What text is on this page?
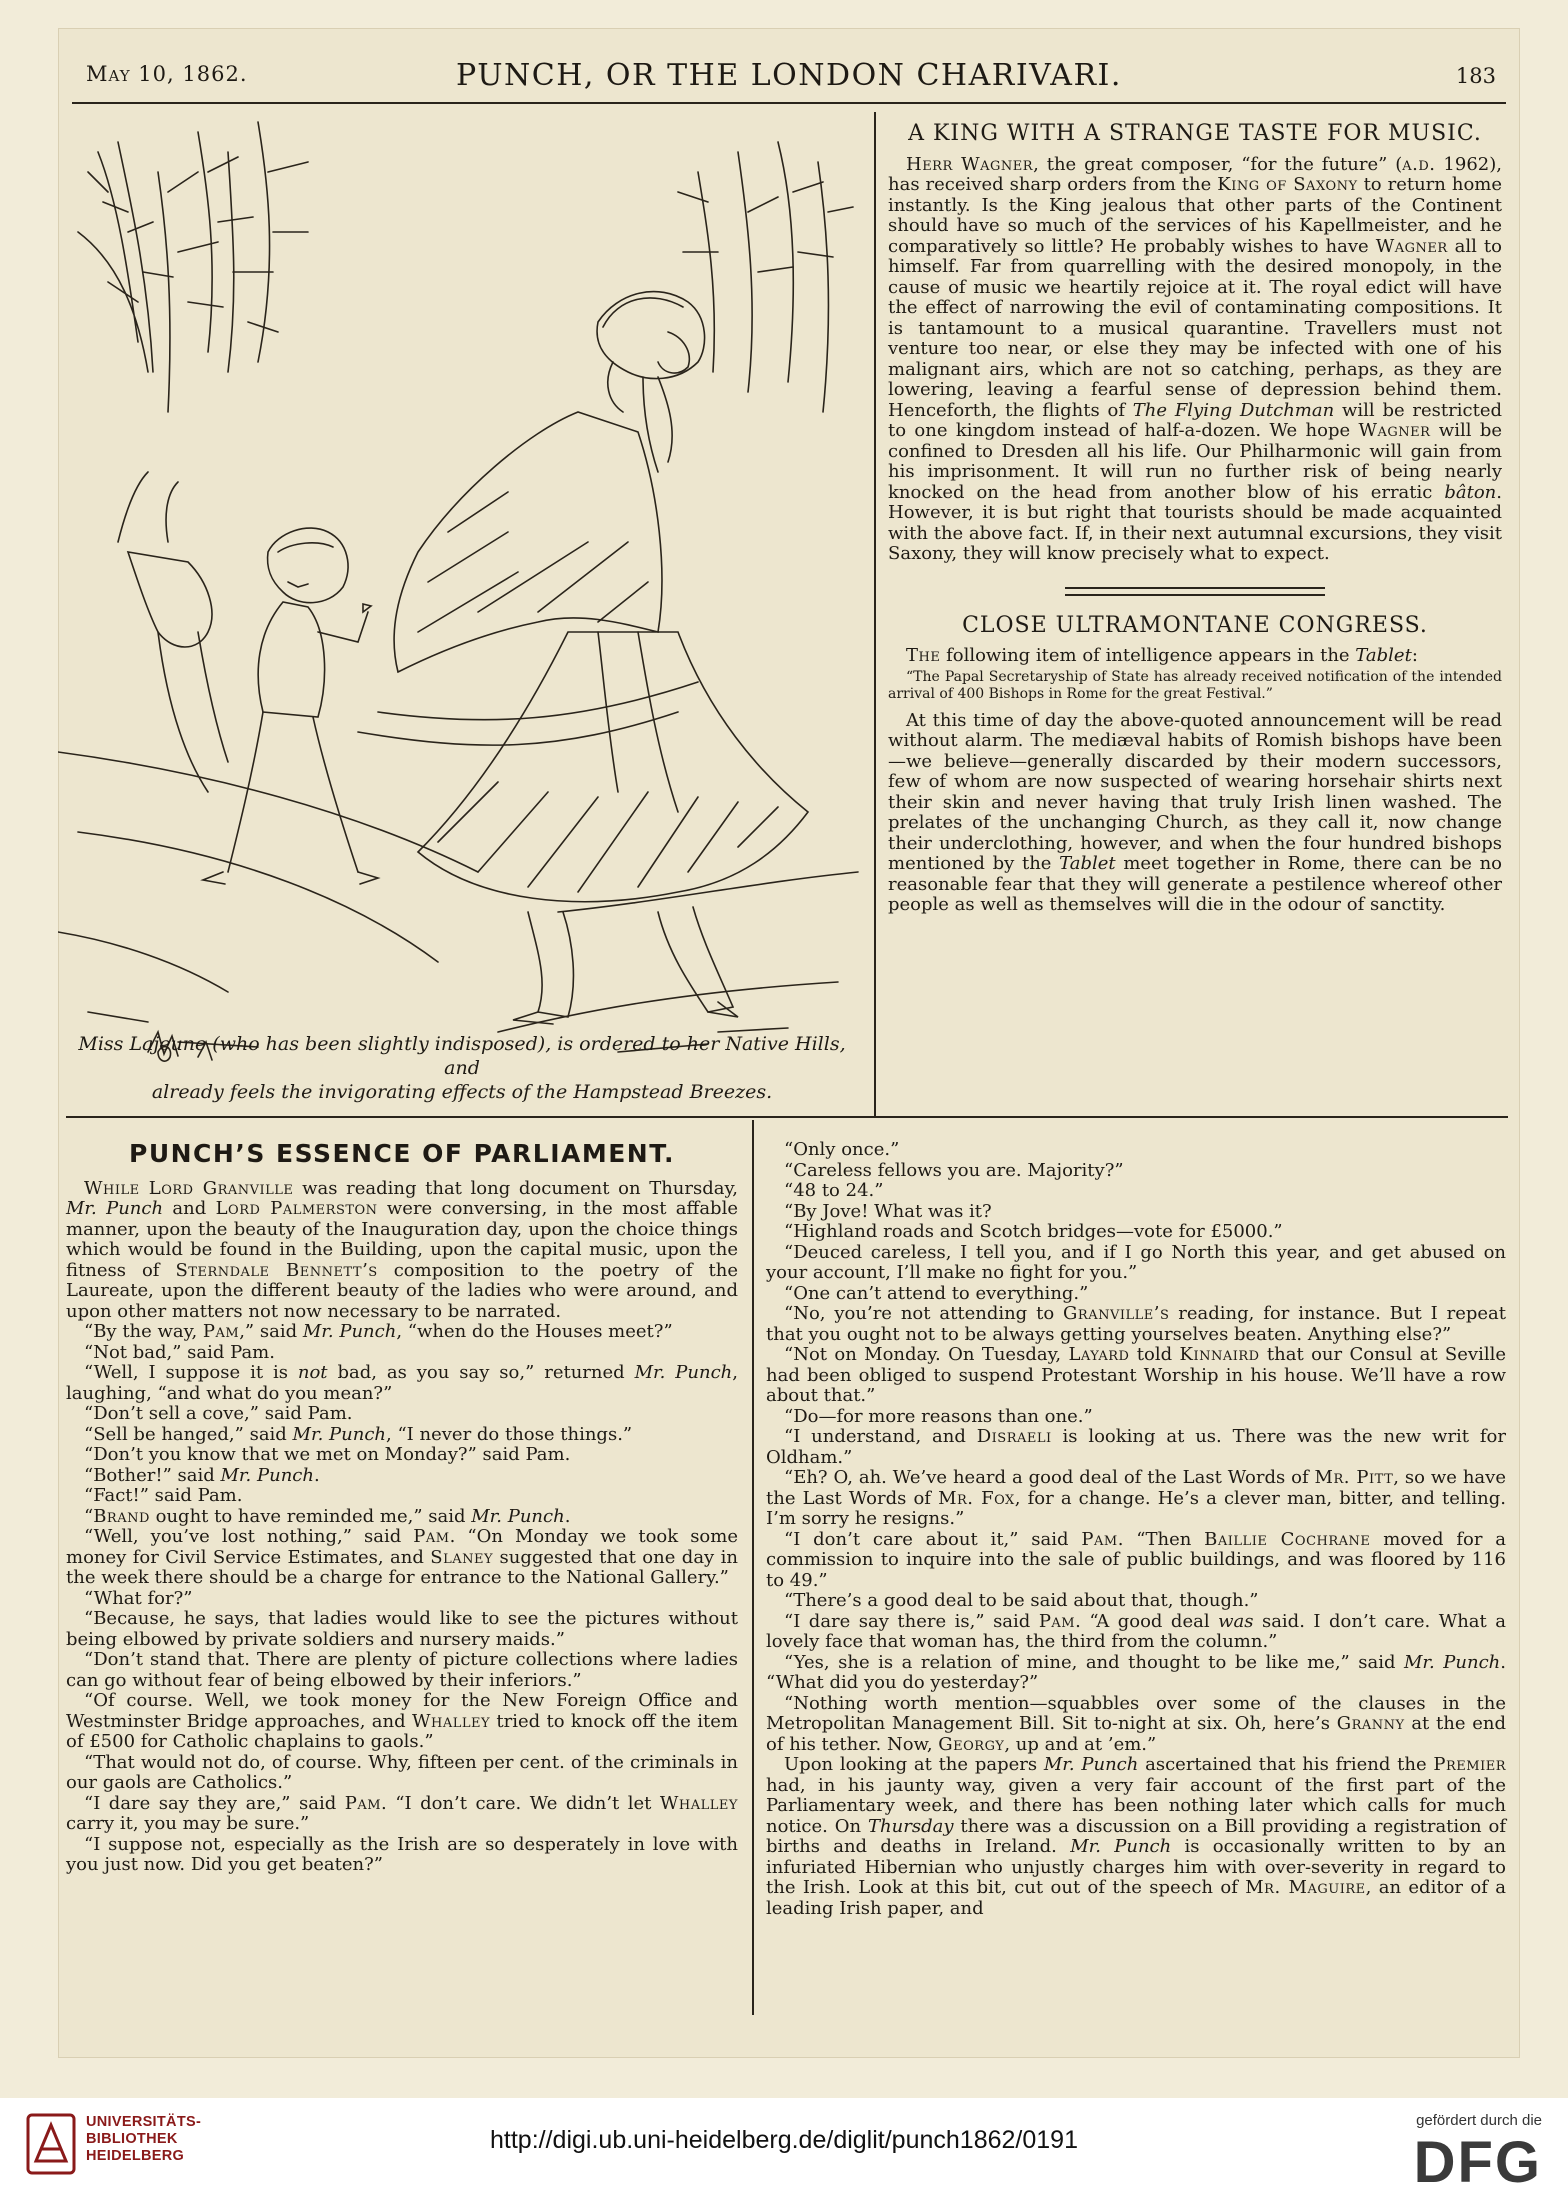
May 10, 1862.	PUNCH, OR THE LONDON CHARIVARI.	183
Miss Lajeune (who has been slightly indisposed), is ordered to her Native Hills, and
already feels the invigorating effects of the Hampstead Breezes.
A KING WITH A STRANGE TASTE FOR MUSIC.

Herr Wagner, the great composer, “for the future” (a.d. 1962), has received sharp orders from the King of Saxony to return home instantly. Is the King jealous that other parts of the Continent should have so much of the services of his Kapellmeister, and he comparatively so little? He probably wishes to have Wagner all to himself. Far from quarrelling with the desired monopoly, in the cause of music we heartily rejoice at it. The royal edict will have the effect of narrowing the evil of contaminating compositions. It is tantamount to a musical quarantine. Travellers must not venture too near, or else they may be infected with one of his malignant airs, which are not so catching, perhaps, as they are lowering, leaving a fearful sense of depression behind them. Henceforth, the flights of The Flying Dutchman will be restricted to one kingdom instead of half-a-dozen. We hope Wagner will be confined to Dresden all his life. Our Philharmonic will gain from his imprisonment. It will run no further risk of being nearly knocked on the head from another blow of his erratic bâton. However, it is but right that tourists should be made acquainted with the above fact. If, in their next autumnal excursions, they visit Saxony, they will know precisely what to expect.

CLOSE ULTRAMONTANE CONGRESS.

The following item of intelligence appears in the Tablet:

“The Papal Secretaryship of State has already received notification of the intended arrival of 400 Bishops in Rome for the great Festival.”

At this time of day the above-quoted announcement will be read without alarm. The mediæval habits of Romish bishops have been—we believe—generally discarded by their modern successors, few of whom are now suspected of wearing horsehair shirts next their skin and never having that truly Irish linen washed. The prelates of the unchanging Church, as they call it, now change their underclothing, however, and when the four hundred bishops mentioned by the Tablet meet together in Rome, there can be no reasonable fear that they will generate a pestilence whereof other people as well as themselves will die in the odour of sanctity.

PUNCH’S ESSENCE OF PARLIAMENT.

While Lord Granville was reading that long document on Thursday, Mr. Punch and Lord Palmerston were conversing, in the most affable manner, upon the beauty of the Inauguration day, upon the choice things which would be found in the Building, upon the capital music, upon the fitness of Sterndale Bennett’s composition to the poetry of the Laureate, upon the different beauty of the ladies who were around, and upon other matters not now necessary to be narrated.

“By the way, Pam,” said Mr. Punch, “when do the Houses meet?”

“Not bad,” said Pam.

“Well, I suppose it is not bad, as you say so,” returned Mr. Punch, laughing, “and what do you mean?”

“Don’t sell a cove,” said Pam.

“Sell be hanged,” said Mr. Punch, “I never do those things.”

“Don’t you know that we met on Monday?” said Pam.

“Bother!” said Mr. Punch.

“Fact!” said Pam.

“Brand ought to have reminded me,” said Mr. Punch.

“Well, you’ve lost nothing,” said Pam. “On Monday we took some money for Civil Service Estimates, and Slaney suggested that one day in the week there should be a charge for entrance to the National Gallery.”

“What for?”

“Because, he says, that ladies would like to see the pictures without being elbowed by private soldiers and nursery maids.”

“Don’t stand that. There are plenty of picture collections where ladies can go without fear of being elbowed by their inferiors.”

“Of course. Well, we took money for the New Foreign Office and Westminster Bridge approaches, and Whalley tried to knock off the item of £500 for Catholic chaplains to gaols.”

“That would not do, of course. Why, fifteen per cent. of the criminals in our gaols are Catholics.”

“I dare say they are,” said Pam. “I don’t care. We didn’t let Whalley carry it, you may be sure.”

“I suppose not, especially as the Irish are so desperately in love with you just now. Did you get beaten?”

“Only once.”

“Careless fellows you are. Majority?”

“48 to 24.”

“By Jove! What was it?

“Highland roads and Scotch bridges—vote for £5000.”

“Deuced careless, I tell you, and if I go North this year, and get abused on your account, I’ll make no fight for you.”

“One can’t attend to everything.”

“No, you’re not attending to Granville’s reading, for instance. But I repeat that you ought not to be always getting yourselves beaten. Anything else?”

“Not on Monday. On Tuesday, Layard told Kinnaird that our Consul at Seville had been obliged to suspend Protestant Worship in his house. We’ll have a row about that.”

“Do—for more reasons than one.”

“I understand, and Disraeli is looking at us. There was the new writ for Oldham.”

“Eh? O, ah. We’ve heard a good deal of the Last Words of Mr. Pitt, so we have the Last Words of Mr. Fox, for a change. He’s a clever man, bitter, and telling. I’m sorry he resigns.”

“I don’t care about it,” said Pam. “Then Baillie Cochrane moved for a commission to inquire into the sale of public buildings, and was floored by 116 to 49.”

“There’s a good deal to be said about that, though.”

“I dare say there is,” said Pam. “A good deal was said. I don’t care. What a lovely face that woman has, the third from the column.”

“Yes, she is a relation of mine, and thought to be like me,” said Mr. Punch. “What did you do yesterday?”

“Nothing worth mention—squabbles over some of the clauses in the Metropolitan Management Bill. Sit to-night at six. Oh, here’s Granny at the end of his tether. Now, Georgy, up and at ’em.”

Upon looking at the papers Mr. Punch ascertained that his friend the Premier had, in his jaunty way, given a very fair account of the first part of the Parliamentary week, and there has been nothing later which calls for much notice. On Thursday there was a discussion on a Bill providing a registration of births and deaths in Ireland. Mr. Punch is occasionally written to by an infuriated Hibernian who unjustly charges him with over-severity in regard to the Irish. Look at this bit, cut out of the speech of Mr. Maguire, an editor of a leading Irish paper, and

UNIVERSITÄTS-
BIBLIOTHEK
HEIDELBERG
http://digi.ub.uni-heidelberg.de/diglit/punch1862/0191
gefördert durch die
DFG
